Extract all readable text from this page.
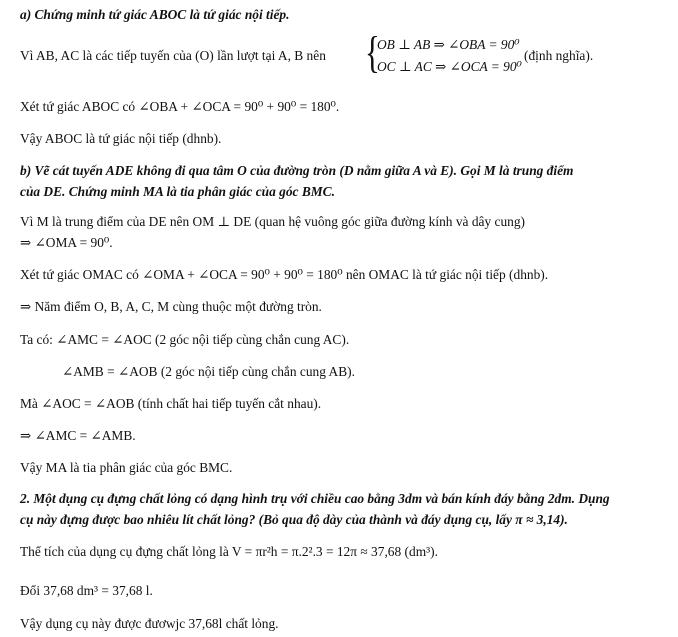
a) Chứng minh tứ giác ABOC là tứ giác nội tiếp.
Vì AB, AC là các tiếp tuyến của (O) lần lượt tại A, B nên {
OB ⊥ AB ⇒ ∠OBA = 90⁰
OC ⊥ AC ⇒ ∠OCA = 90⁰
(định nghĩa).
Xét tứ giác ABOC có ∠OBA + ∠OCA = 90⁰ + 90⁰ = 180⁰.
Vậy ABOC là tứ giác nội tiếp (dhnb).
b) Vẽ cát tuyến ADE không đi qua tâm O của đường tròn (D nằm giữa A và E). Gọi M là trung điểm
của DE. Chứng minh MA là tia phân giác của góc BMC.
Vì M là trung điểm của DE nên OM ⊥ DE (quan hệ vuông góc giữa đường kính và dây cung)
⇒ ∠OMA = 90⁰.
Xét tứ giác OMAC có ∠OMA + ∠OCA = 90⁰ + 90⁰ = 180⁰ nên OMAC là tứ giác nội tiếp (dhnb).
⇒ Năm điểm O, B, A, C, M cùng thuộc một đường tròn.
Ta có: ∠AMC = ∠AOC (2 góc nội tiếp cùng chắn cung AC).
∠AMB = ∠AOB (2 góc nội tiếp cùng chắn cung AB).
Mà ∠AOC = ∠AOB (tính chất hai tiếp tuyến cắt nhau).
⇒ ∠AMC = ∠AMB.
Vậy MA là tia phân giác của góc BMC.
2. Một dụng cụ đựng chất lỏng có dạng hình trụ với chiều cao bằng 3dm và bán kính đáy bằng 2dm. Dụng
cụ này đựng được bao nhiêu lít chất lỏng? (Bỏ qua độ dày của thành và đáy dụng cụ, lấy π ≈ 3,14).
Thể tích của dụng cụ đựng chất lỏng là V = πr²h = π.2².3 = 12π ≈ 37,68 (dm³).
Đổi 37,68 dm³ = 37,68 l.
Vậy dụng cụ này được đươwjc 37,68l chất lỏng.
